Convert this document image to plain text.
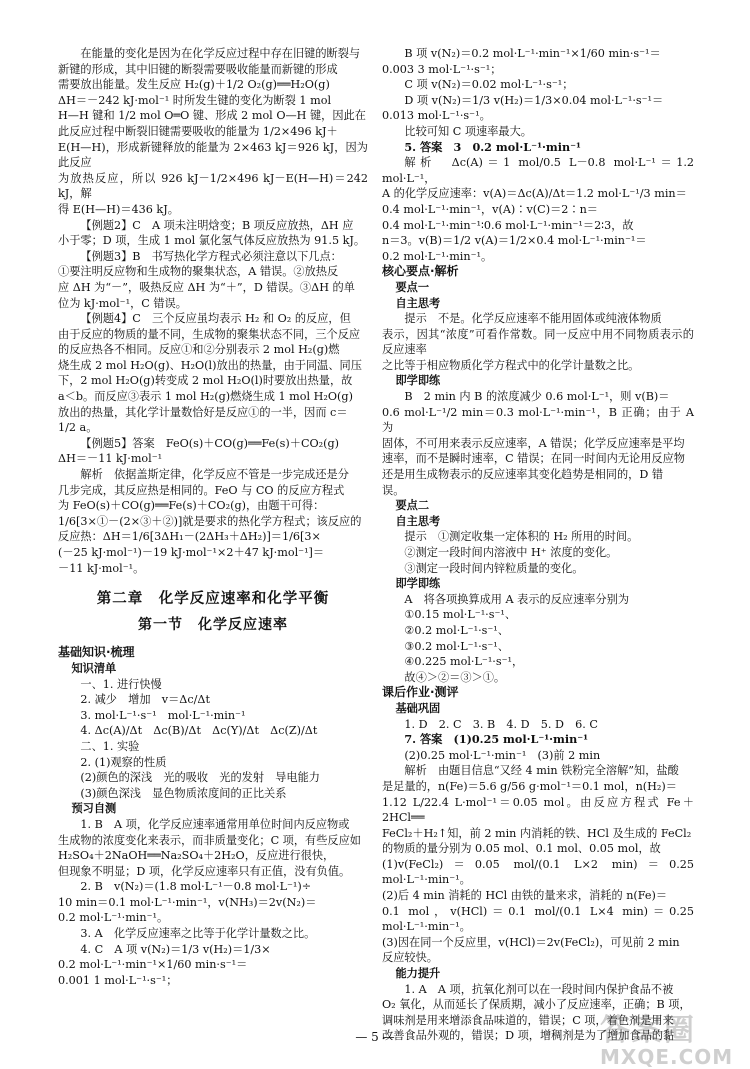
在能量的变化是因为在化学反应过程中存在旧键的断裂与

新键的形成，其中旧键的断裂需要吸收能量而新键的形成

需要放出能量。发生反应 H₂(g)＋1/2 O₂(g)══H₂O(g)

ΔH＝－242 kJ·mol⁻¹ 时所发生键的变化为断裂 1 mol

H—H 键和 1/2 mol O═O 键、形成 2 mol O—H 键，因此在

此反应过程中断裂旧键需要吸收的能量为 1/2×496 kJ＋

E(H—H)，形成新键释放的能量为 2×463 kJ＝926 kJ，因为此反应

为放热反应，所以 926 kJ－1/2×496 kJ－E(H—H)＝242 kJ，解

得 E(H—H)＝436 kJ。

【例题2】C　A 项未注明焓变；B 项反应放热，ΔH 应

小于零；D 项，生成 1 mol 氯化氢气体反应放热为 91.5 kJ。

【例题3】B　书写热化学方程式必须注意以下几点：

①要注明反应物和生成物的聚集状态，A 错误。②放热反

应 ΔH 为“－”，吸热反应 ΔH 为“＋”，D 错误。③ΔH 的单

位为 kJ·mol⁻¹，C 错误。

【例题4】C　三个反应虽均表示 H₂ 和 O₂ 的反应，但

由于反应的物质的量不同，生成物的聚集状态不同，三个反应

的反应热各不相同。反应①和②分别表示 2 mol H₂(g)燃

烧生成 2 mol H₂O(g)、H₂O(l)放出的热量，由于同温、同压

下，2 mol H₂O(g)转变成 2 mol H₂O(l)时要放出热量，故

a＜b。而反应③表示 1 mol H₂(g)燃烧生成 1 mol H₂O(g)

放出的热量，其化学计量数恰好是反应①的一半，因而 c＝

1/2 a。

【例题5】答案　FeO(s)＋CO(g)══Fe(s)＋CO₂(g)

ΔH＝－11 kJ·mol⁻¹

解析　依据盖斯定律，化学反应不管是一步完成还是分

几步完成，其反应热是相同的。FeO 与 CO 的反应方程式

为 FeO(s)＋CO(g)══Fe(s)＋CO₂(g)，由题干可得：

1/6[3×①－(2×③＋②)]就是要求的热化学方程式；该反应的

反应热：ΔH＝1/6[3ΔH₁－(2ΔH₃＋ΔH₂)]＝1/6[3×

(－25 kJ·mol⁻¹)－19 kJ·mol⁻¹×2＋47 kJ·mol⁻¹]＝

－11 kJ·mol⁻¹。

第二章　化学反应速率和化学平衡
第一节　化学反应速率

基础知识·梳理

知识清单

一、1. 进行快慢

2. 减少　增加　v＝Δc/Δt

3. mol·L⁻¹·s⁻¹　mol·L⁻¹·min⁻¹

4. Δc(A)/Δt　Δc(B)/Δt　Δc(Y)/Δt　Δc(Z)/Δt

二、1. 实验

2. (1)观察的性质

(2)颜色的深浅　光的吸收　光的发射　导电能力

(3)颜色深浅　显色物质浓度间的正比关系

预习自测

1. B　A 项，化学反应速率通常用单位时间内反应物或

生成物的浓度变化来表示，而非质量变化；C 项，有些反应如

H₂SO₄＋2NaOH══Na₂SO₄＋2H₂O，反应进行很快，

但现象不明显；D 项，化学反应速率只有正值，没有负值。

2. B　v(N₂)＝(1.8 mol·L⁻¹－0.8 mol·L⁻¹)÷

10 min＝0.1 mol·L⁻¹·min⁻¹，v(NH₃)＝2v(N₂)＝

0.2 mol·L⁻¹·min⁻¹。

3. A　化学反应速率之比等于化学计量数之比。

4. C　A 项 v(N₂)＝1/3 v(H₂)＝1/3×

0.2 mol·L⁻¹·min⁻¹×1/60 min·s⁻¹＝

0.001 1 mol·L⁻¹·s⁻¹；

B 项 v(N₂)＝0.2 mol·L⁻¹·min⁻¹×1/60 min·s⁻¹＝

0.003 3 mol·L⁻¹·s⁻¹；

C 项 v(N₂)＝0.02 mol·L⁻¹·s⁻¹；

D 项 v(N₂)＝1/3 v(H₂)＝1/3×0.04 mol·L⁻¹·s⁻¹＝

0.013 mol·L⁻¹·s⁻¹。

比较可知 C 项速率最大。

5. 答案　3　0.2 mol·L⁻¹·min⁻¹

解析　Δc(A)＝1 mol/0.5 L－0.8 mol·L⁻¹＝1.2 mol·L⁻¹，

A 的化学反应速率：v(A)＝Δc(A)/Δt＝1.2 mol·L⁻¹/3 min＝

0.4 mol·L⁻¹·min⁻¹，v(A)∶v(C)＝2∶n＝

0.4 mol·L⁻¹·min⁻¹∶0.6 mol·L⁻¹·min⁻¹＝2∶3，故

n＝3。v(B)＝1/2 v(A)＝1/2×0.4 mol·L⁻¹·min⁻¹＝

0.2 mol·L⁻¹·min⁻¹。

核心要点·解析

要点一

自主思考

提示　不是。化学反应速率不能用固体或纯液体物质

表示，因其“浓度”可看作常数。同一反应中用不同物质表示的反应速率

之比等于相应物质化学方程式中的化学计量数之比。

即学即练

B　2 min 内 B 的浓度减少 0.6 mol·L⁻¹，则 v(B)＝

0.6 mol·L⁻¹/2 min＝0.3 mol·L⁻¹·min⁻¹，B 正确；由于 A 为

固体，不可用来表示反应速率，A 错误；化学反应速率是平均

速率，而不是瞬时速率，C 错误；在同一时间内无论用反应物

还是用生成物表示的反应速率其变化趋势是相同的，D 错

误。

要点二

自主思考

提示　①测定收集一定体积的 H₂ 所用的时间。

②测定一段时间内溶液中 H⁺ 浓度的变化。

③测定一段时间内锌粒质量的变化。

即学即练

A　将各项换算成用 A 表示的反应速率分别为

①0.15 mol·L⁻¹·s⁻¹、

②0.2 mol·L⁻¹·s⁻¹、

③0.2 mol·L⁻¹·s⁻¹、

④0.225 mol·L⁻¹·s⁻¹，

故④＞②＝③＞①。

课后作业·测评

基础巩固

1. D　2. C　3. B　4. D　5. D　6. C

7. 答案　(1)0.25 mol·L⁻¹·min⁻¹

(2)0.25 mol·L⁻¹·min⁻¹　(3)前 2 min

解析　由题目信息“又经 4 min 铁粉完全溶解”知，盐酸

是足量的，n(Fe)＝5.6 g/56 g·mol⁻¹＝0.1 mol，n(H₂)＝

1.12 L/22.4 L·mol⁻¹＝0.05 mol。由反应方程式 Fe＋2HCl══

FeCl₂＋H₂↑知，前 2 min 内消耗的铁、HCl 及生成的 FeCl₂

的物质的量分别为 0.05 mol、0.1 mol、0.05 mol，故

(1)v(FeCl₂)＝0.05 mol/(0.1 L×2 min)＝0.25 mol·L⁻¹·min⁻¹。

(2)后 4 min 消耗的 HCl 由铁的量来求，消耗的 n(Fe)＝

0.1 mol，v(HCl)＝0.1 mol/(0.1 L×4 min)＝0.25 mol·L⁻¹·min⁻¹。

(3)因在同一个反应里，v(HCl)＝2v(FeCl₂)，可见前 2 min

反应较快。

能力提升

1. A　A 项，抗氧化剂可以在一段时间内保护食品不被

O₂ 氧化，从而延长了保质期，减小了反应速率，正确；B 项，

调味剂是用来增添食品味道的，错误；C 项，着色剂是用来

改善食品外观的，错误；D 项，增稠剂是为了增加食品的黏

— 5 —	答案圈
MXQE.COM
